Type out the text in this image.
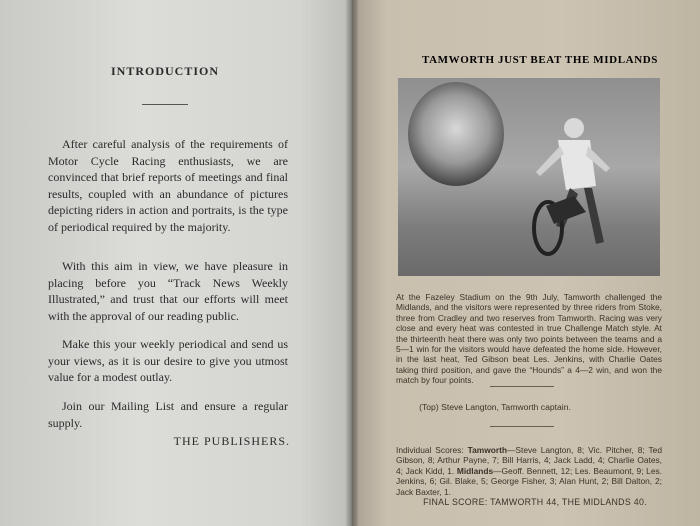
INTRODUCTION
After careful analysis of the requirements of Motor Cycle Racing enthusiasts, we are convinced that brief reports of meetings and final results, coupled with an abundance of pictures depicting riders in action and portraits, is the type of periodical required by the majority.
With this aim in view, we have pleasure in placing before you “Track News Weekly Illustrated,” and trust that our efforts will meet with the approval of our reading public.
Make this your weekly periodical and send us your views, as it is our desire to give you utmost value for a modest outlay.
Join our Mailing List and ensure a regular supply.
THE PUBLISHERS.
TAMWORTH JUST BEAT THE MIDLANDS
At the Fazeley Stadium on the 9th July, Tamworth challenged the Midlands, and the visitors were represented by three riders from Stoke, three from Cradley and two reserves from Tamworth. Racing was very close and every heat was contested in true Challenge Match style. At the thirteenth heat there was only two points between the teams and a 5—1 win for the visitors would have defeated the home side. However, in the last heat, Ted Gibson beat Les. Jenkins, with Charlie Oates taking third position, and gave the “Hounds” a 4—2 win, and won the match by four points.
(Top) Steve Langton, Tamworth captain.
Individual Scores: Tamworth—Steve Langton, 8; Vic. Pitcher, 8; Ted Gibson, 8; Arthur Payne, 7; Bill Harris, 4; Jack Ladd, 4; Charlie Oates, 4; Jack Kidd, 1. Midlands—Geoff. Bennett, 12; Les. Beaumont, 9; Les. Jenkins, 6; Gil. Blake, 5; George Fisher, 3; Alan Hunt, 2; Bill Dalton, 2; Jack Baxter, 1.
FINAL SCORE: TAMWORTH 44, THE MIDLANDS 40.
